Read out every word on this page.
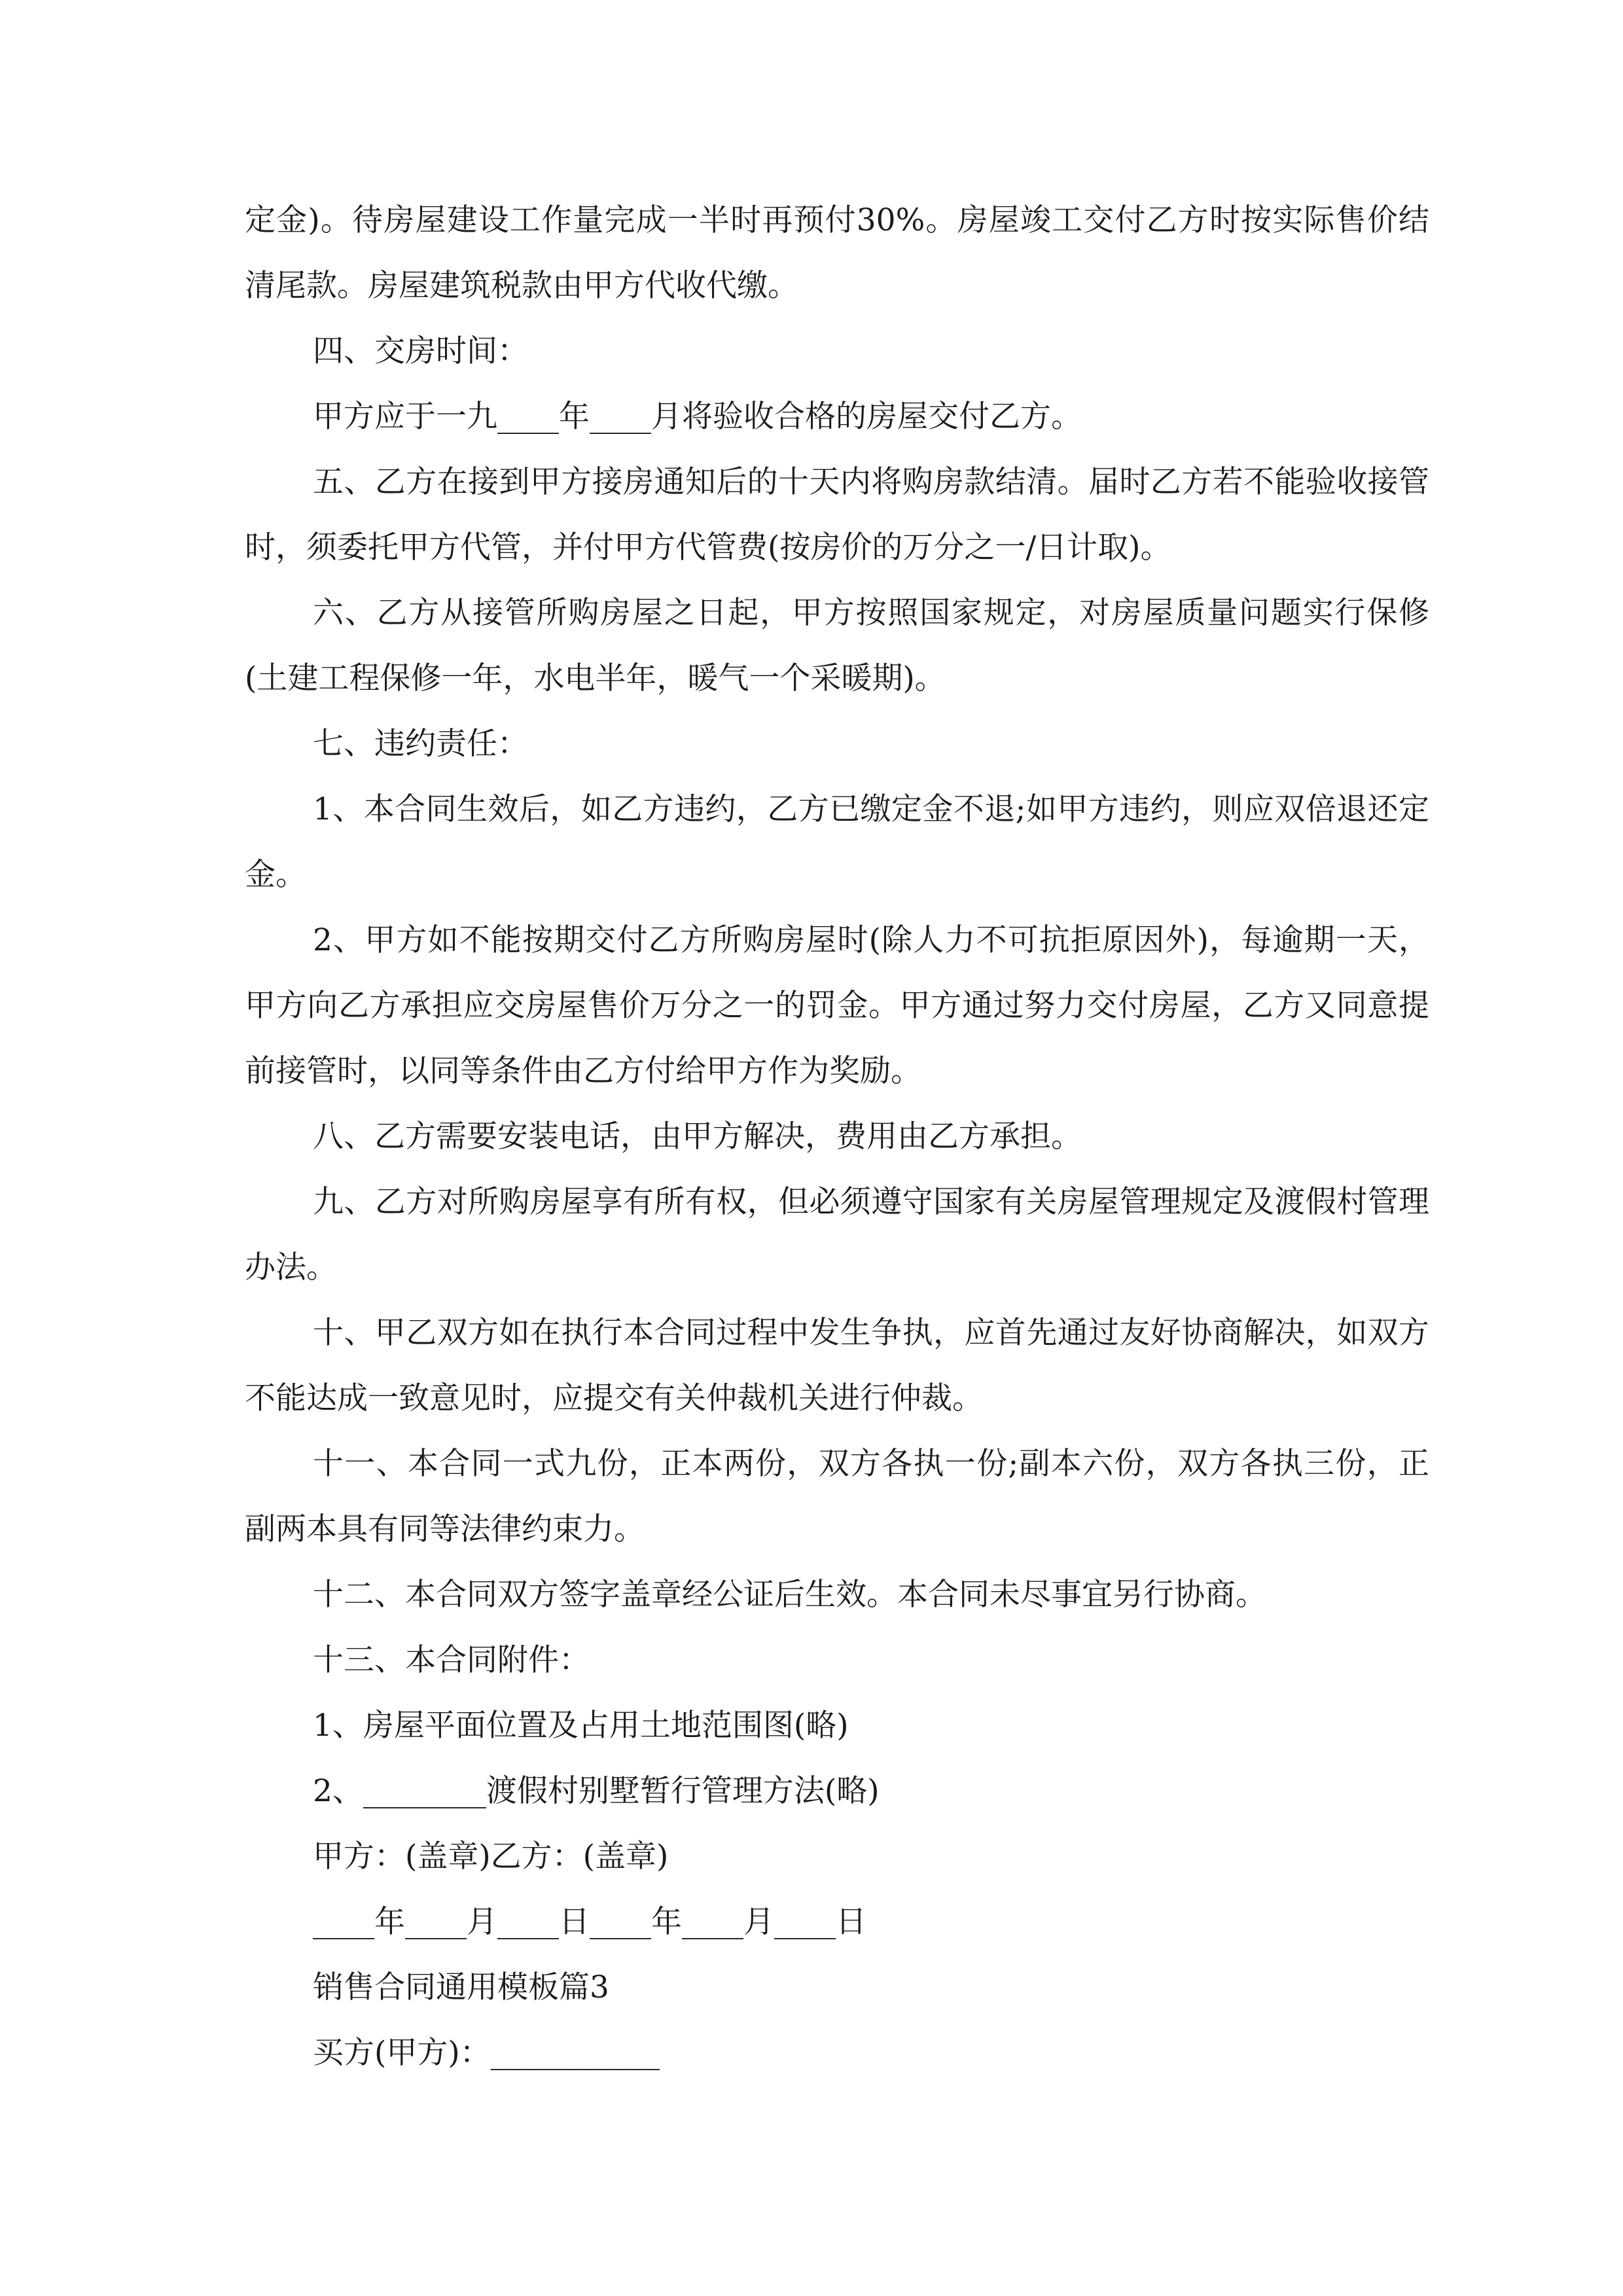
定金)。待房屋建设工作量完成一半时再预付30%。房屋竣工交付乙方时按实际售价结清尾款。房屋建筑税款由甲方代收代缴。

四、交房时间：

甲方应于一九____年____月将验收合格的房屋交付乙方。

五、乙方在接到甲方接房通知后的十天内将购房款结清。届时乙方若不能验收接管时，须委托甲方代管，并付甲方代管费(按房价的万分之一/日计取)。

六、乙方从接管所购房屋之日起，甲方按照国家规定，对房屋质量问题实行保修(土建工程保修一年，水电半年，暖气一个采暖期)。

七、违约责任：

1、本合同生效后，如乙方违约，乙方已缴定金不退;如甲方违约，则应双倍退还定金。

2、甲方如不能按期交付乙方所购房屋时(除人力不可抗拒原因外)，每逾期一天，甲方向乙方承担应交房屋售价万分之一的罚金。甲方通过努力交付房屋，乙方又同意提前接管时，以同等条件由乙方付给甲方作为奖励。

八、乙方需要安装电话，由甲方解决，费用由乙方承担。

九、乙方对所购房屋享有所有权，但必须遵守国家有关房屋管理规定及渡假村管理办法。

十、甲乙双方如在执行本合同过程中发生争执，应首先通过友好协商解决，如双方不能达成一致意见时，应提交有关仲裁机关进行仲裁。

十一、本合同一式九份，正本两份，双方各执一份;副本六份，双方各执三份，正副两本具有同等法律约束力。

十二、本合同双方签字盖章经公证后生效。本合同未尽事宜另行协商。

十三、本合同附件：

1、房屋平面位置及占用土地范围图(略)

2、________渡假村别墅暂行管理方法(略)

甲方：(盖章)乙方：(盖章)

____年____月____日____年____月____日

销售合同通用模板篇3

买方(甲方)：___________
